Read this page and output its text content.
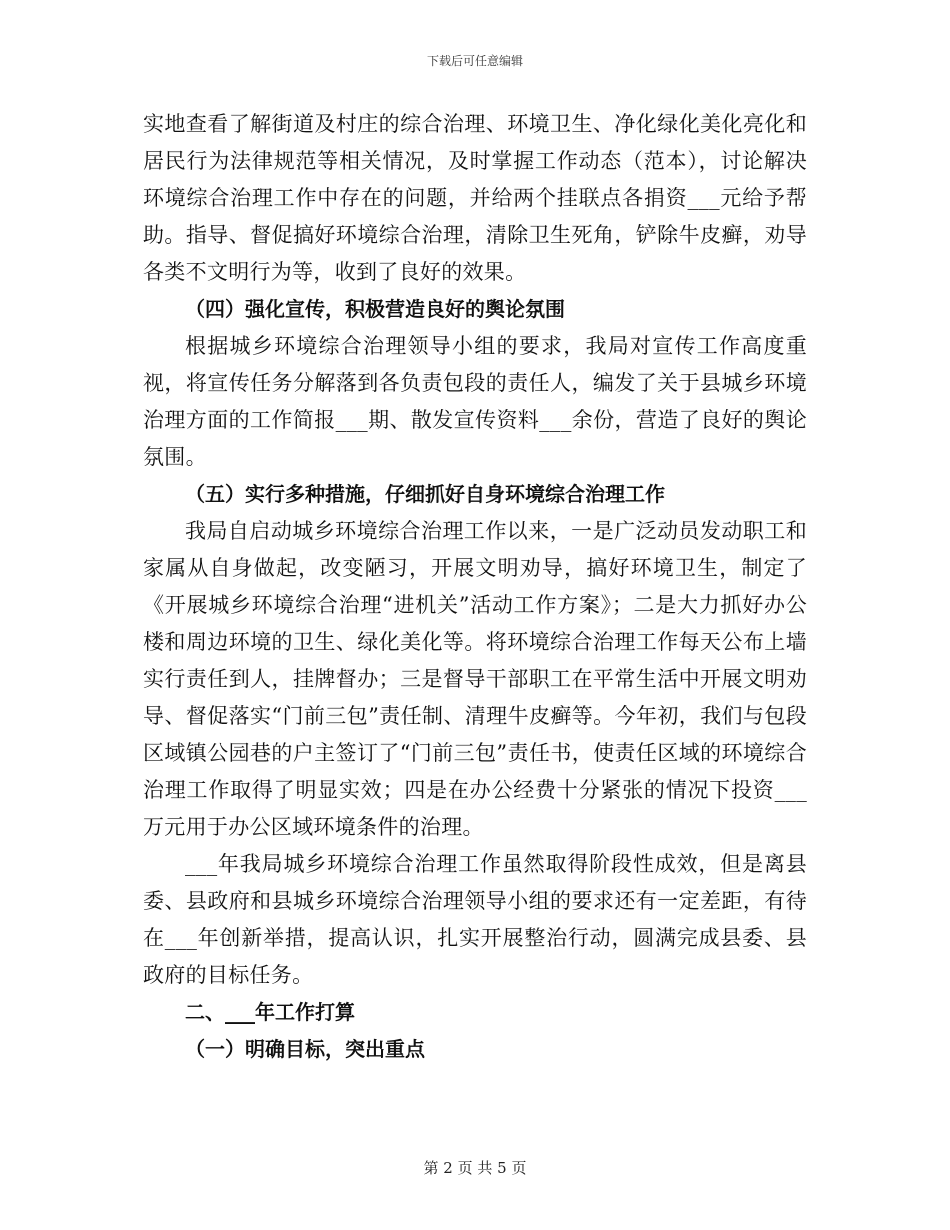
下载后可任意编辑

实地查看了解街道及村庄的综合治理、环境卫生、净化绿化美化亮化和居民行为法律规范等相关情况，及时掌握工作动态（范本），讨论解决环境综合治理工作中存在的问题，并给两个挂联点各捐资___元给予帮助。指导、督促搞好环境综合治理，清除卫生死角，铲除牛皮癣，劝导各类不文明行为等，收到了良好的效果。

（四）强化宣传，积极营造良好的舆论氛围

根据城乡环境综合治理领导小组的要求，我局对宣传工作高度重视，将宣传任务分解落到各负责包段的责任人，编发了关于县城乡环境治理方面的工作简报___期、散发宣传资料___余份，营造了良好的舆论氛围。

（五）实行多种措施，仔细抓好自身环境综合治理工作

我局自启动城乡环境综合治理工作以来，一是广泛动员发动职工和家属从自身做起，改变陋习，开展文明劝导，搞好环境卫生，制定了《开展城乡环境综合治理“进机关”活动工作方案》；二是大力抓好办公楼和周边环境的卫生、绿化美化等。将环境综合治理工作每天公布上墙实行责任到人，挂牌督办；三是督导干部职工在平常生活中开展文明劝导、督促落实“门前三包”责任制、清理牛皮癣等。今年初，我们与包段区域镇公园巷的户主签订了“门前三包”责任书，使责任区域的环境综合治理工作取得了明显实效；四是在办公经费十分紧张的情况下投资___万元用于办公区域环境条件的治理。

___年我局城乡环境综合治理工作虽然取得阶段性成效，但是离县委、县政府和县城乡环境综合治理领导小组的要求还有一定差距，有待在___年创新举措，提高认识，扎实开展整治行动，圆满完成县委、县政府的目标任务。

二、___年工作打算

（一）明确目标，突出重点

第 2 页 共 5 页
